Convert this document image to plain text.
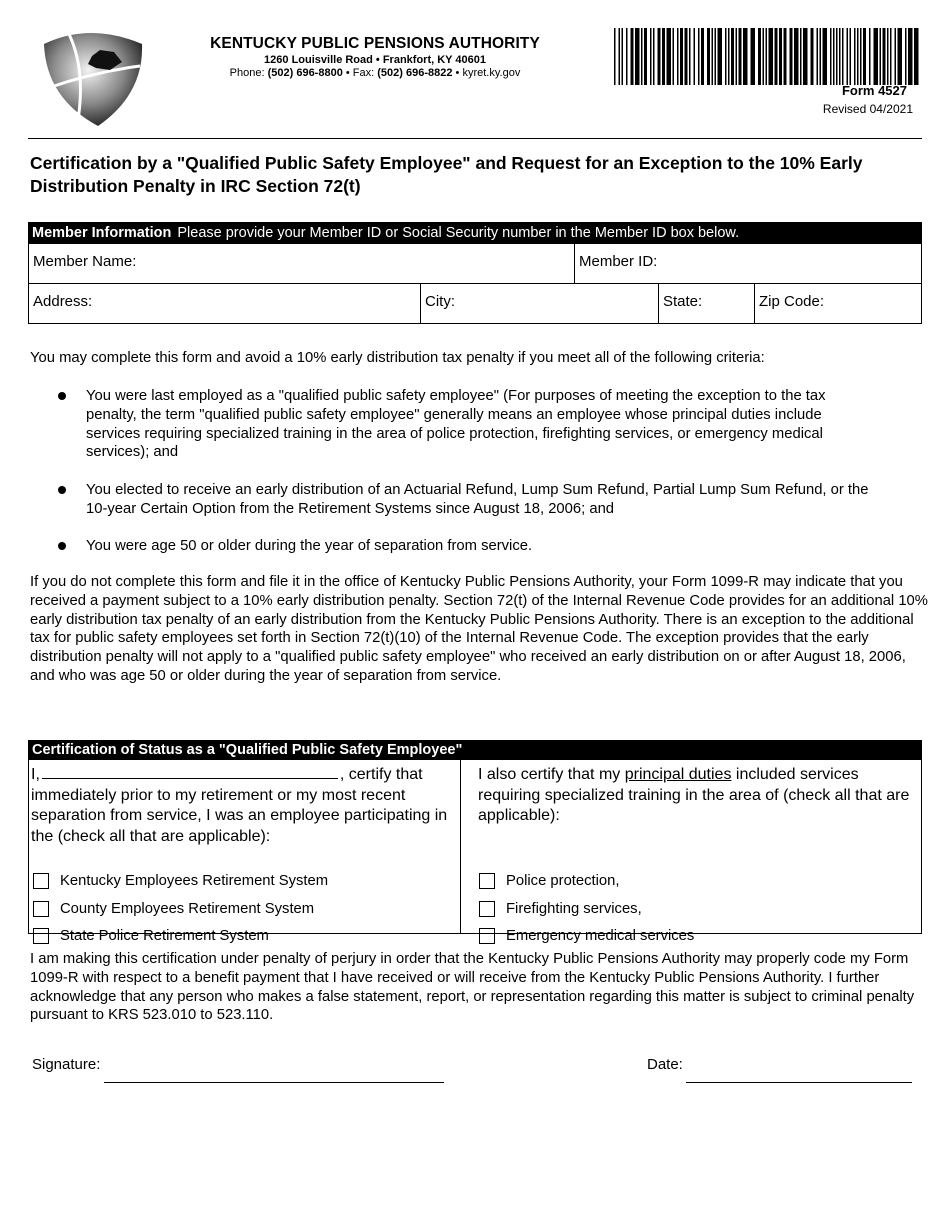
KENTUCKY PUBLIC PENSIONS AUTHORITY
1260 Louisville Road • Frankfort, KY 40601
Phone: (502) 696-8800 • Fax: (502) 696-8822 • kyret.ky.gov
Form 4527
Revised 04/2021
Certification by a "Qualified Public Safety Employee" and Request for an Exception to the 10% Early Distribution Penalty in IRC Section 72(t)
Member Information Please provide your Member ID or Social Security number in the Member ID box below.
Member Name:	Member ID:
Address:	City:	State:	Zip Code:
You may complete this form and avoid a 10% early distribution tax penalty if you meet all of the following criteria:
You were last employed as a "qualified public safety employee" (For purposes of meeting the exception to the tax penalty, the term "qualified public safety employee" generally means an employee whose principal duties include services requiring specialized training in the area of police protection, firefighting services, or emergency medical services); and
You elected to receive an early distribution of an Actuarial Refund, Lump Sum Refund, Partial Lump Sum Refund, or the 10-year Certain Option from the Retirement Systems since August 18, 2006; and
You were age 50 or older during the year of separation from service.
If you do not complete this form and file it in the office of Kentucky Public Pensions Authority, your Form 1099-R may indicate that you received a payment subject to a 10% early distribution penalty. Section 72(t) of the Internal Revenue Code provides for an additional 10% early distribution tax penalty of an early distribution from the Kentucky Public Pensions Authority. There is an exception to the additional tax for public safety employees set forth in Section 72(t)(10) of the Internal Revenue Code. The exception provides that the early distribution penalty will not apply to a "qualified public safety employee" who received an early distribution on or after August 18, 2006, and who was age 50 or older during the year of separation from service.
Certification of Status as a "Qualified Public Safety Employee"
I,	, certify that immediately prior to my retirement or my most recent separation from service, I was an employee participating in the (check all that are applicable):
Kentucky Employees Retirement System
County Employees Retirement System
State Police Retirement System
I also certify that my principal duties included services requiring specialized training in the area of (check all that are applicable):
Police protection,
Firefighting services,
Emergency medical services
I am making this certification under penalty of perjury in order that the Kentucky Public Pensions Authority may properly code my Form 1099-R with respect to a benefit payment that I have received or will receive from the Kentucky Public Pensions Authority. I further acknowledge that any person who makes a false statement, report, or representation regarding this matter is subject to criminal penalty pursuant to KRS 523.010 to 523.110.
Signature:	Date:
